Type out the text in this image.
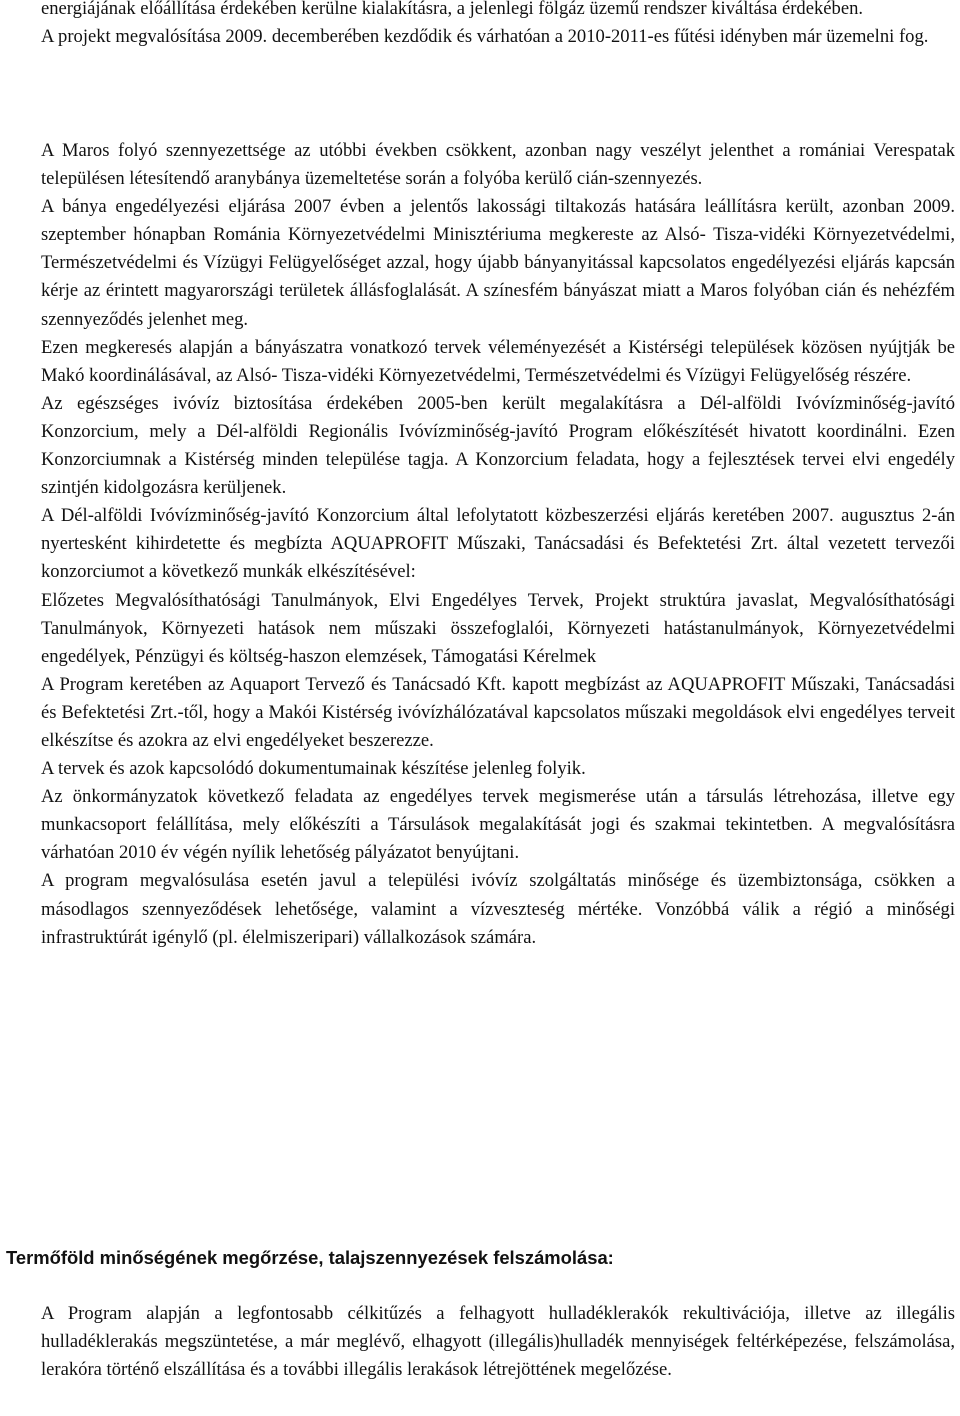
energiájának előállítása érdekében kerülne kialakításra, a jelenlegi fölgáz üzemű rendszer kiváltása érdekében.

A projekt megvalósítása 2009. decemberében kezdődik és várhatóan a 2010-2011-es fűtési idényben már üzemelni fog.

A Maros folyó szennyezettsége az utóbbi években csökkent, azonban nagy veszélyt jelenthet a romániai Verespatak településen létesítendő aranybánya üzemeltetése során a folyóba kerülő cián-szennyezés.

A bánya engedélyezési eljárása 2007 évben a jelentős lakossági tiltakozás hatására leállításra került, azonban 2009. szeptember hónapban Románia Környezetvédelmi Minisztériuma megkereste az Alsó- Tisza-vidéki Környezetvédelmi, Természetvédelmi és Vízügyi Felügyelőséget azzal, hogy újabb bányanyitással kapcsolatos engedélyezési eljárás kapcsán kérje az érintett magyarországi területek állásfoglalását. A színesfém bányászat miatt a Maros folyóban cián és nehézfém szennyeződés jelenhet meg.

Ezen megkeresés alapján a bányászatra vonatkozó tervek véleményezését a Kistérségi települések közösen nyújtják be Makó koordinálásával, az Alsó- Tisza-vidéki Környezetvédelmi, Természetvédelmi és Vízügyi Felügyelőség részére.

Az egészséges ivóvíz biztosítása érdekében 2005-ben került megalakításra a Dél-alföldi Ivóvízminőség-javító Konzorcium, mely a Dél-alföldi Regionális Ivóvízminőség-javító Program előkészítését hivatott koordinálni. Ezen Konzorciumnak a Kistérség minden települése tagja. A Konzorcium feladata, hogy a fejlesztések tervei elvi engedély szintjén kidolgozásra kerüljenek.

A Dél-alföldi Ivóvízminőség-javító Konzorcium által lefolytatott közbeszerzési eljárás keretében 2007. augusztus 2-án nyertesként kihirdetette és megbízta AQUAPROFIT Műszaki, Tanácsadási és Befektetési Zrt. által vezetett tervezői konzorciumot a következő munkák elkészítésével:

Előzetes Megvalósíthatósági Tanulmányok, Elvi Engedélyes Tervek, Projekt struktúra javaslat, Megvalósíthatósági Tanulmányok, Környezeti hatások nem műszaki összefoglalói, Környezeti hatástanulmányok, Környezetvédelmi engedélyek, Pénzügyi és költség-haszon elemzések, Támogatási Kérelmek

A Program keretében az Aquaport Tervező és Tanácsadó Kft. kapott megbízást az AQUAPROFIT Műszaki, Tanácsadási és Befektetési Zrt.-től, hogy a Makói Kistérség ivóvízhálózatával kapcsolatos műszaki megoldások elvi engedélyes terveit elkészítse és azokra az elvi engedélyeket beszerezze.

A tervek és azok kapcsolódó dokumentumainak készítése jelenleg folyik.

Az önkormányzatok következő feladata az engedélyes tervek megismerése után a társulás létrehozása, illetve egy munkacsoport felállítása, mely előkészíti a Társulások megalakítását jogi és szakmai tekintetben. A megvalósításra várhatóan 2010 év végén nyílik lehetőség pályázatot benyújtani.

A program megvalósulása esetén javul a települési ivóvíz szolgáltatás minősége és üzembiztonsága, csökken a másodlagos szennyeződések lehetősége, valamint a vízveszteség mértéke. Vonzóbbá válik a régió a minőségi infrastruktúrát igénylő (pl. élelmiszeripari) vállalkozások számára.

Termőföld minőségének megőrzése, talajszennyezések felszámolása:

A Program alapján a legfontosabb célkitűzés a felhagyott hulladéklerakók rekultivációja, illetve az illegális hulladéklerakás megszüntetése, a már meglévő, elhagyott (illegális)hulladék mennyiségek feltérképezése, felszámolása, lerakóra történő elszállítása és a további illegális lerakások létrejöttének megelőzése.
